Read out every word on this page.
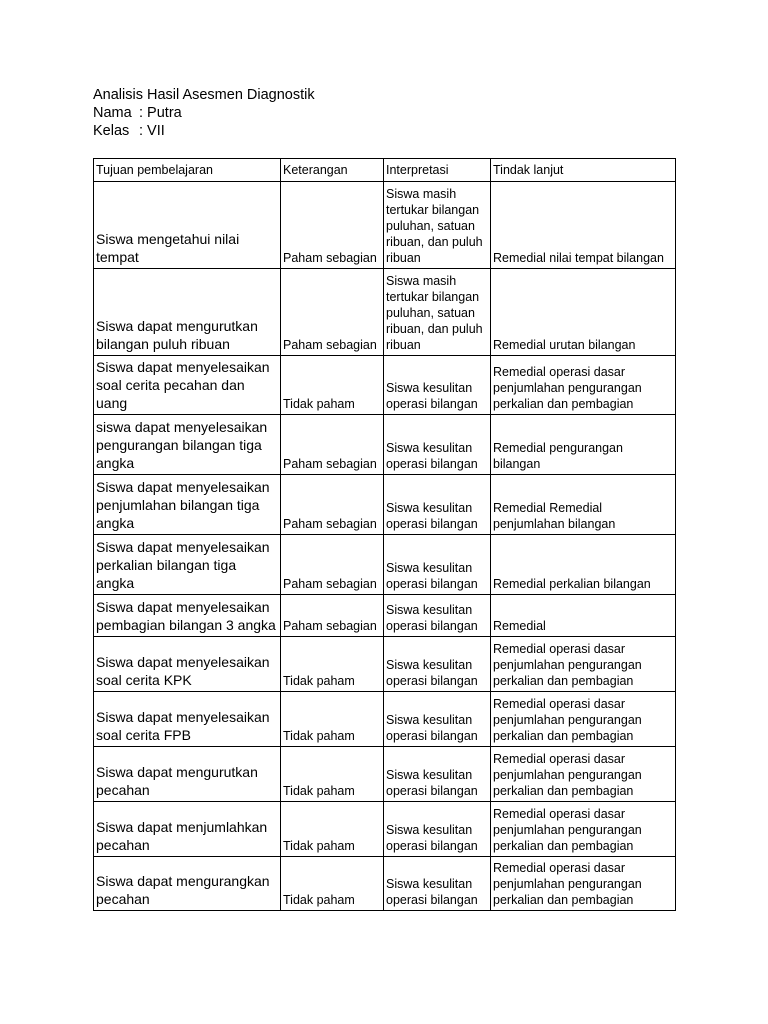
Analisis Hasil Asesmen Diagnostik
Nama : Putra
Kelas : VII
Tujuan pembelajaran	Keterangan	Interpretasi	Tindak lanjut
Siswa mengetahui nilai tempat	Paham sebagian	Siswa masih tertukar bilangan puluhan, satuan ribuan, dan puluh ribuan	Remedial nilai tempat bilangan
Siswa dapat mengurutkan bilangan puluh ribuan	Paham sebagian	Siswa masih tertukar bilangan puluhan, satuan ribuan, dan puluh ribuan	Remedial urutan bilangan
Siswa dapat menyelesaikan soal cerita pecahan dan uang	Tidak paham	Siswa kesulitan operasi bilangan	Remedial operasi dasar penjumlahan pengurangan perkalian dan pembagian
siswa dapat menyelesaikan pengurangan bilangan tiga angka	Paham sebagian	Siswa kesulitan operasi bilangan	Remedial pengurangan bilangan
Siswa dapat menyelesaikan penjumlahan bilangan tiga angka	Paham sebagian	Siswa kesulitan operasi bilangan	Remedial Remedial penjumlahan bilangan
Siswa dapat menyelesaikan perkalian bilangan tiga angka	Paham sebagian	Siswa kesulitan operasi bilangan	Remedial perkalian bilangan
Siswa dapat menyelesaikan pembagian bilangan 3 angka	Paham sebagian	Siswa kesulitan operasi bilangan	Remedial
Siswa dapat menyelesaikan soal cerita KPK	Tidak paham	Siswa kesulitan operasi bilangan	Remedial operasi dasar penjumlahan pengurangan perkalian dan pembagian
Siswa dapat menyelesaikan soal cerita FPB	Tidak paham	Siswa kesulitan operasi bilangan	Remedial operasi dasar penjumlahan pengurangan perkalian dan pembagian
Siswa dapat mengurutkan pecahan	Tidak paham	Siswa kesulitan operasi bilangan	Remedial operasi dasar penjumlahan pengurangan perkalian dan pembagian
Siswa dapat menjumlahkan pecahan	Tidak paham	Siswa kesulitan operasi bilangan	Remedial operasi dasar penjumlahan pengurangan perkalian dan pembagian
Siswa dapat mengurangkan pecahan	Tidak paham	Siswa kesulitan operasi bilangan	Remedial operasi dasar penjumlahan pengurangan perkalian dan pembagian
